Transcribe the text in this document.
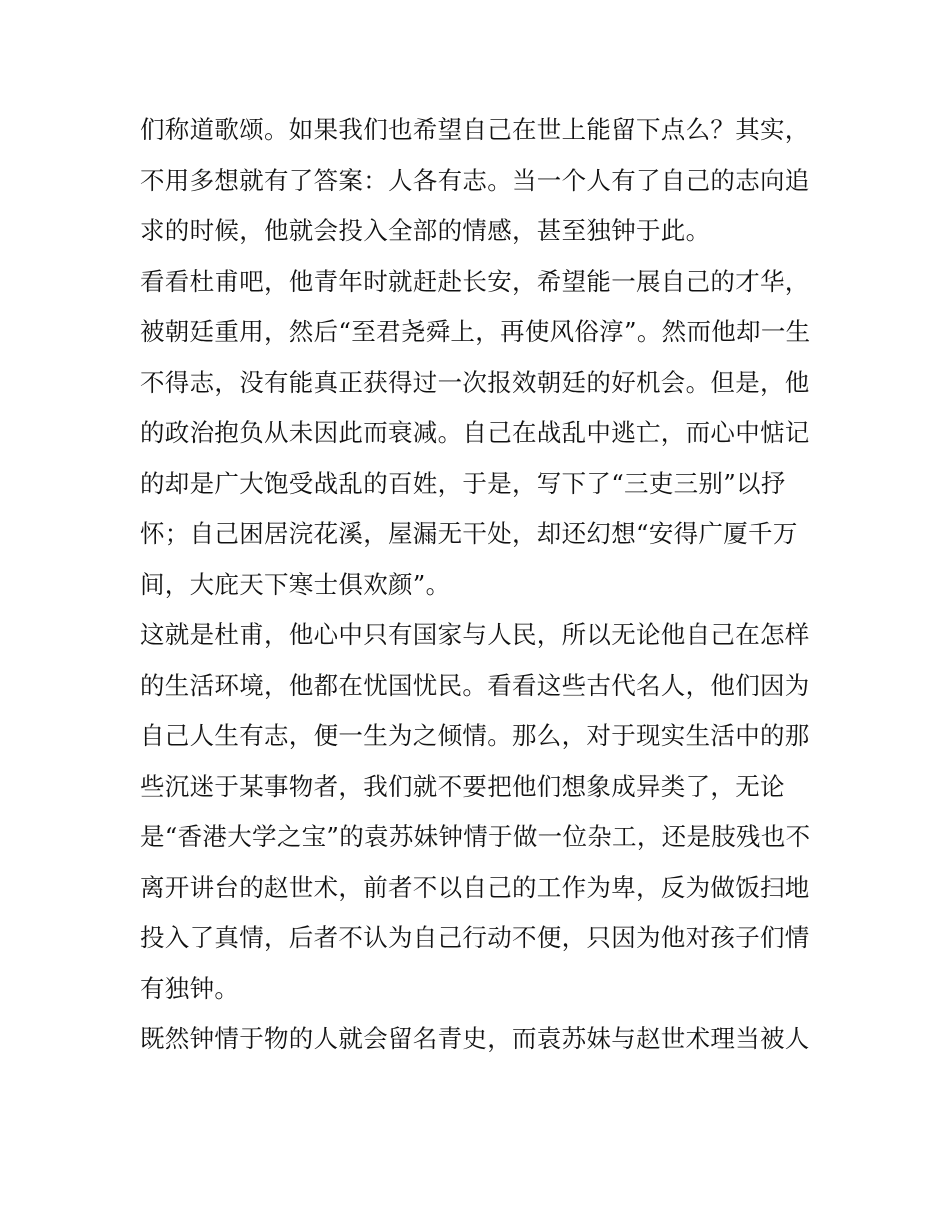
们称道歌颂。如果我们也希望自己在世上能留下点么？其实，
不用多想就有了答案：人各有志。当一个人有了自己的志向追
求的时候，他就会投入全部的情感，甚至独钟于此。
看看杜甫吧，他青年时就赶赴长安，希望能一展自己的才华，
被朝廷重用，然后“至君尧舜上，再使风俗淳”。然而他却一生
不得志，没有能真正获得过一次报效朝廷的好机会。但是，他
的政治抱负从未因此而衰减。自己在战乱中逃亡，而心中惦记
的却是广大饱受战乱的百姓，于是，写下了“三吏三别”以抒
怀；自己困居浣花溪，屋漏无干处，却还幻想“安得广厦千万
间，大庇天下寒士俱欢颜”。
这就是杜甫，他心中只有国家与人民，所以无论他自己在怎样
的生活环境，他都在忧国忧民。看看这些古代名人，他们因为
自己人生有志，便一生为之倾情。那么，对于现实生活中的那
些沉迷于某事物者，我们就不要把他们想象成异类了，无论
是“香港大学之宝”的袁苏妹钟情于做一位杂工，还是肢残也不
离开讲台的赵世术，前者不以自己的工作为卑，反为做饭扫地
投入了真情，后者不认为自己行动不便，只因为他对孩子们情
有独钟。
既然钟情于物的人就会留名青史，而袁苏妹与赵世术理当被人
